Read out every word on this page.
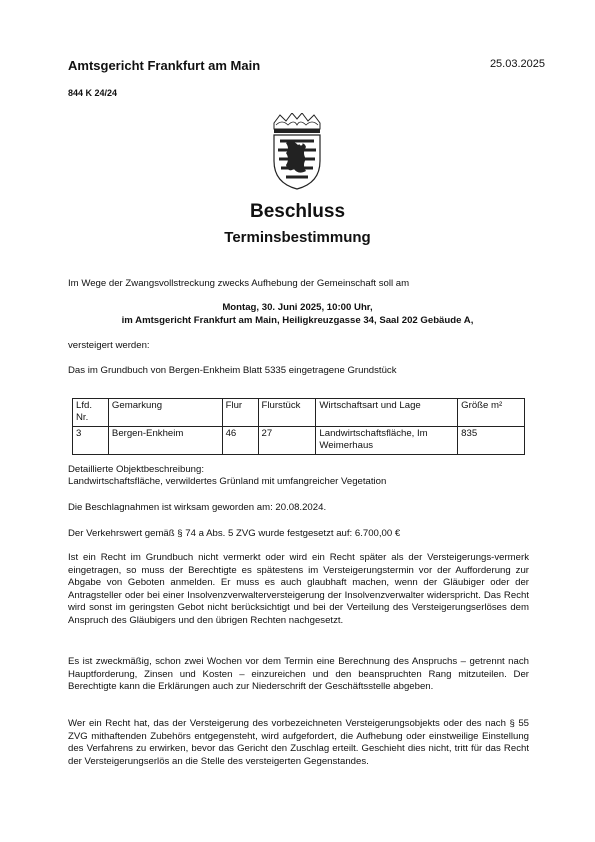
Amtsgericht Frankfurt am Main	25.03.2025
844 K 24/24
Beschluss
Terminsbestimmung

Im Wege der Zwangsvollstreckung zwecks Aufhebung der Gemeinschaft soll am

Montag, 30. Juni 2025, 10:00 Uhr,
im Amtsgericht Frankfurt am Main, Heiligkreuzgasse 34, Saal 202 Gebäude A,

versteigert werden:

Das im Grundbuch von Bergen-Enkheim Blatt 5335 eingetragene Grundstück

Lfd. Nr.	Gemarkung	Flur	Flurstück	Wirtschaftsart und Lage	Größe m²
3	Bergen-Enkheim	46	27	Landwirtschaftsfläche, Im Weimerhaus	835

Detaillierte Objektbeschreibung:

Landwirtschaftsfläche, verwildertes Grünland mit umfangreicher Vegetation

Die Beschlagnahmen ist wirksam geworden am: 20.08.2024.

Der Verkehrswert gemäß § 74 a Abs. 5 ZVG wurde festgesetzt auf: 6.700,00 €

Ist ein Recht im Grundbuch nicht vermerkt oder wird ein Recht später als der Versteigerungs-vermerk eingetragen, so muss der Berechtigte es spätestens im Versteigerungstermin vor der Aufforderung zur Abgabe von Geboten anmelden. Er muss es auch glaubhaft machen, wenn der Gläubiger oder der Antragsteller oder bei einer Insolvenzverwalterversteigerung der Insolvenzverwalter widerspricht. Das Recht wird sonst im geringsten Gebot nicht berücksichtigt und bei der Verteilung des Versteigerungserlöses dem Anspruch des Gläubigers und den übrigen Rechten nachgesetzt.

Es ist zweckmäßig, schon zwei Wochen vor dem Termin eine Berechnung des Anspruchs – getrennt nach Hauptforderung, Zinsen und Kosten – einzureichen und den beanspruchten Rang mitzuteilen. Der Berechtigte kann die Erklärungen auch zur Niederschrift der Geschäftsstelle abgeben.

Wer ein Recht hat, das der Versteigerung des vorbezeichneten Versteigerungsobjekts oder des nach § 55 ZVG mithaftenden Zubehörs entgegensteht, wird aufgefordert, die Aufhebung oder einstweilige Einstellung des Verfahrens zu erwirken, bevor das Gericht den Zuschlag erteilt. Geschieht dies nicht, tritt für das Recht der Versteigerungserlös an die Stelle des versteigerten Gegenstandes.
